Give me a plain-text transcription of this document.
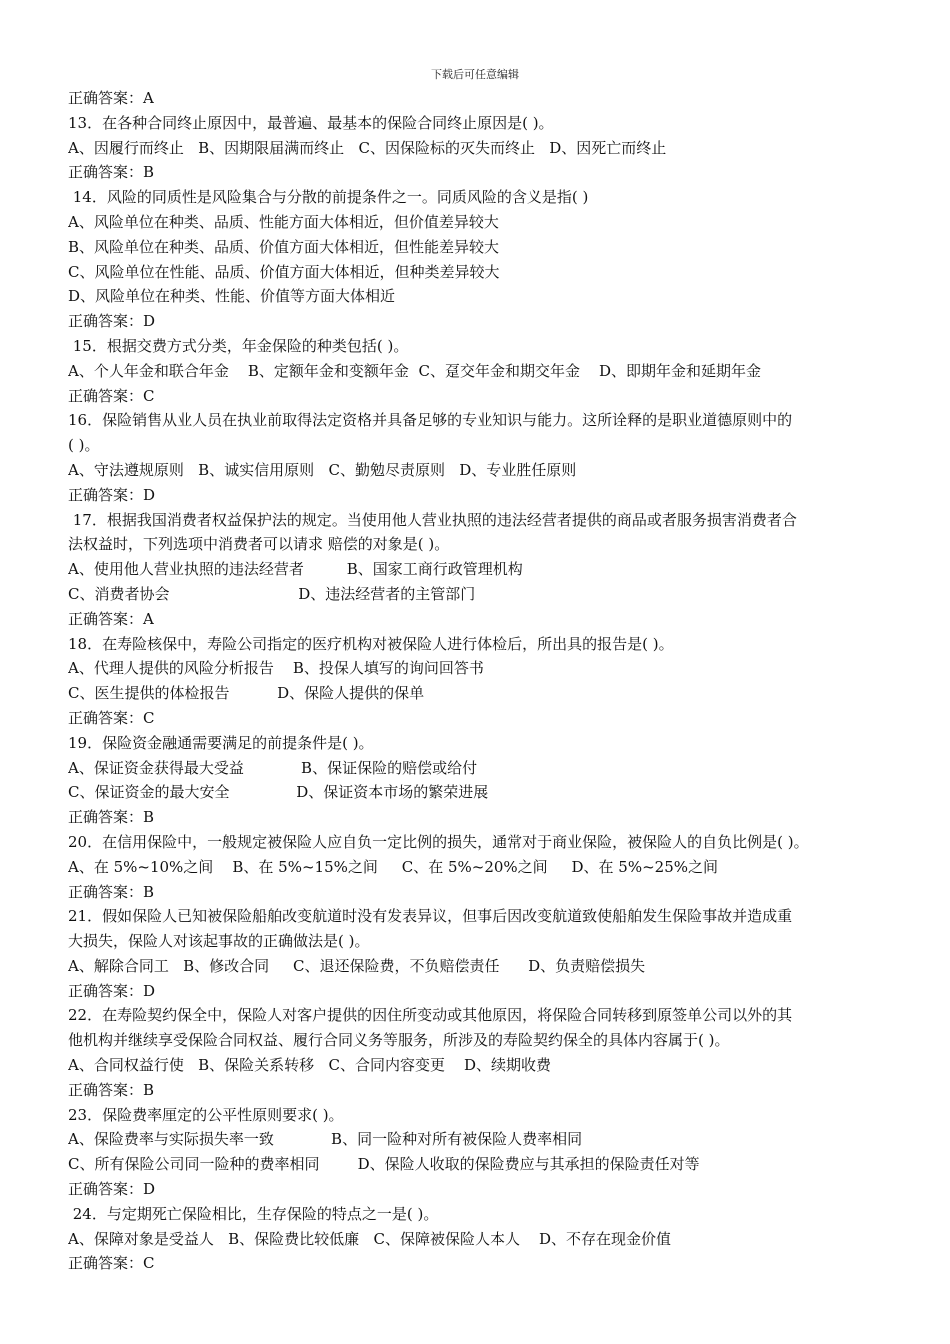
下载后可任意编辑
正确答案：A
13．在各种合同终止原因中，最普遍、最基本的保险合同终止原因是( )。
A、因履行而终止   B、因期限届满而终止   C、因保险标的灭失而终止   D、因死亡而终止
正确答案：B
14．风险的同质性是风险集合与分散的前提条件之一。同质风险的含义是指( )
A、风险单位在种类、品质、性能方面大体相近，但价值差异较大
B、风险单位在种类、品质、价值方面大体相近，但性能差异较大
C、风险单位在性能、品质、价值方面大体相近，但种类差异较大
D、风险单位在种类、性能、价值等方面大体相近
正确答案：D
15．根据交费方式分类，年金保险的种类包括( )。
A、个人年金和联合年金    B、定额年金和变额年金  C、趸交年金和期交年金    D、即期年金和延期年金
正确答案：C
16．保险销售从业人员在执业前取得法定资格并具备足够的专业知识与能力。这所诠释的是职业道德原则中的
( )。
A、守法遵规原则   B、诚实信用原则   C、勤勉尽责原则   D、专业胜任原则
正确答案：D
17．根据我国消费者权益保护法的规定。当使用他人营业执照的违法经营者提供的商品或者服务损害消费者合
法权益时，下列选项中消费者可以请求 赔偿的对象是( )。
A、使用他人营业执照的违法经营者         B、国家工商行政管理机构
C、消费者协会                           D、违法经营者的主管部门
正确答案：A
18．在寿险核保中，寿险公司指定的医疗机构对被保险人进行体检后，所出具的报告是( )。
A、代理人提供的风险分析报告    B、投保人填写的询问回答书
C、医生提供的体检报告          D、保险人提供的保单
正确答案：C
19．保险资金融通需要满足的前提条件是( )。
A、保证资金获得最大受益            B、保证保险的赔偿或给付
C、保证资金的最大安全              D、保证资本市场的繁荣进展
正确答案：B
20．在信用保险中，一般规定被保险人应自负一定比例的损失，通常对于商业保险，被保险人的自负比例是( )。
A、在 5%~10%之间    B、在 5%~15%之间     C、在 5%~20%之间     D、在 5%~25%之间
正确答案：B
21．假如保险人已知被保险船舶改变航道时没有发表异议，但事后因改变航道致使船舶发生保险事故并造成重
大损失，保险人对该起事故的正确做法是( )。
A、解除合同工   B、修改合同     C、退还保险费，不负赔偿责任      D、负责赔偿损失
正确答案：D
22．在寿险契约保全中，保险人对客户提供的因住所变动或其他原因，将保险合同转移到原签单公司以外的其
他机构并继续享受保险合同权益、履行合同义务等服务，所涉及的寿险契约保全的具体内容属于( )。
A、合同权益行使   B、保险关系转移   C、合同内容变更    D、续期收费
正确答案：B
23．保险费率厘定的公平性原则要求( )。
A、保险费率与实际损失率一致            B、同一险种对所有被保险人费率相同
C、所有保险公司同一险种的费率相同        D、保险人收取的保险费应与其承担的保险责任对等
正确答案：D
24．与定期死亡保险相比，生存保险的特点之一是( )。
A、保障对象是受益人   B、保险费比较低廉   C、保障被保险人本人    D、不存在现金价值
正确答案：C
